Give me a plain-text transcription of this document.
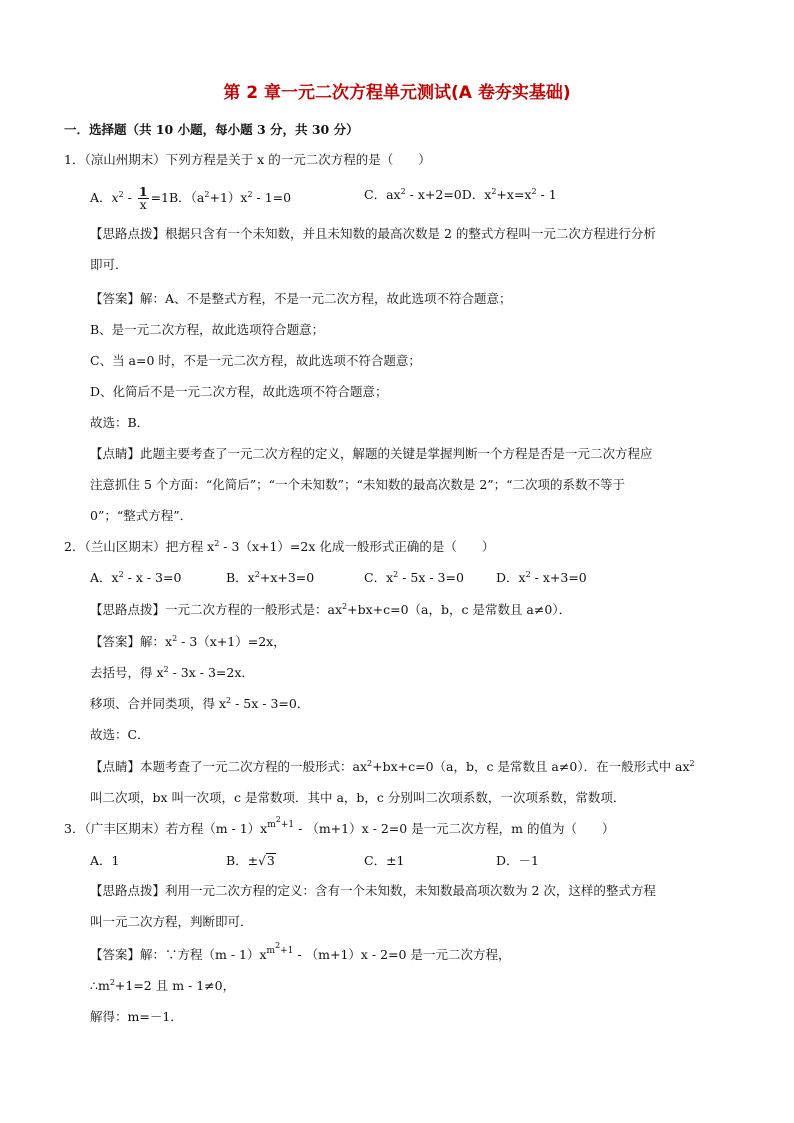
第 2 章一元二次方程单元测试(A 卷夯实基础)
一．选择题（共 10 小题，每小题 3 分，共 30 分）
1．（凉山州期末）下列方程是关于 x 的一元二次方程的是（　　）
A．$x^2 - \frac{1}{x} =1B$．$(a^2+1)x^2 - 1=0$	C．$ax^2 - x+2=0D$．$x^2+x=x^2 - 1$
【思路点拨】根据只含有一个未知数，并且未知数的最高次数是 2 的整式方程叫一元二次方程进行分析
即可．
【答案】解：A、不是整式方程，不是一元二次方程，故此选项不符合题意；
B、是一元二次方程，故此选项符合题意；
C、当 a=0 时，不是一元二次方程，故此选项不符合题意；
D、化简后不是一元二次方程，故此选项不符合题意；
故选：B．
【点睛】此题主要考查了一元二次方程的定义，解题的关键是掌握判断一个方程是否是一元二次方程应
注意抓住 5 个方面：“化简后”；“一个未知数”；“未知数的最高次数是 2”；“二次项的系数不等于
0”；“整式方程”．
2．（兰山区期末）把方程 $x^2 - 3(x+1)=2x$ 化成一般形式正确的是（　　）
A．$x^2 - x - 3=0$	B．$x^2+x+3=0$	C．$x^2 - 5x - 3=0$	D．$x^2 - x+3=0$
【思路点拨】一元二次方程的一般形式是：$ax^2+bx+c=0(a$，b，c 是常数且 a≠0）．
【答案】解：$x^2 - 3(x+1)=2x$，
去括号，得 $x^2 - 3x - 3=2x$．
移项、合并同类项，得 $x^2 - 5x - 3=0$．
故选：C．
【点睛】本题考查了一元二次方程的一般形式：$ax^2+bx+c=0(a$，b，c 是常数且 a≠0）．在一般形式中 $ax^2$
叫二次项，bx 叫一次项，c 是常数项．其中 a，b，c 分别叫二次项系数，一次项系数，常数项．
3．（广丰区期末）若方程$(m - 1)x^{m^2+1} - (m+1)x - 2=0$ 是一元二次方程，m 的值为（　　）
A．1	B．±√3	C．±1	D．－1
【思路点拨】利用一元二次方程的定义：含有一个未知数，未知数最高项次数为 2 次，这样的整式方程
叫一元二次方程，判断即可．
【答案】解：∵方程$(m - 1)x^{m^2+1} - (m+1)x - 2=0$ 是一元二次方程，
$\therefore m^2+1=2$ 且 m - 1≠0，
解得：m=－1．
